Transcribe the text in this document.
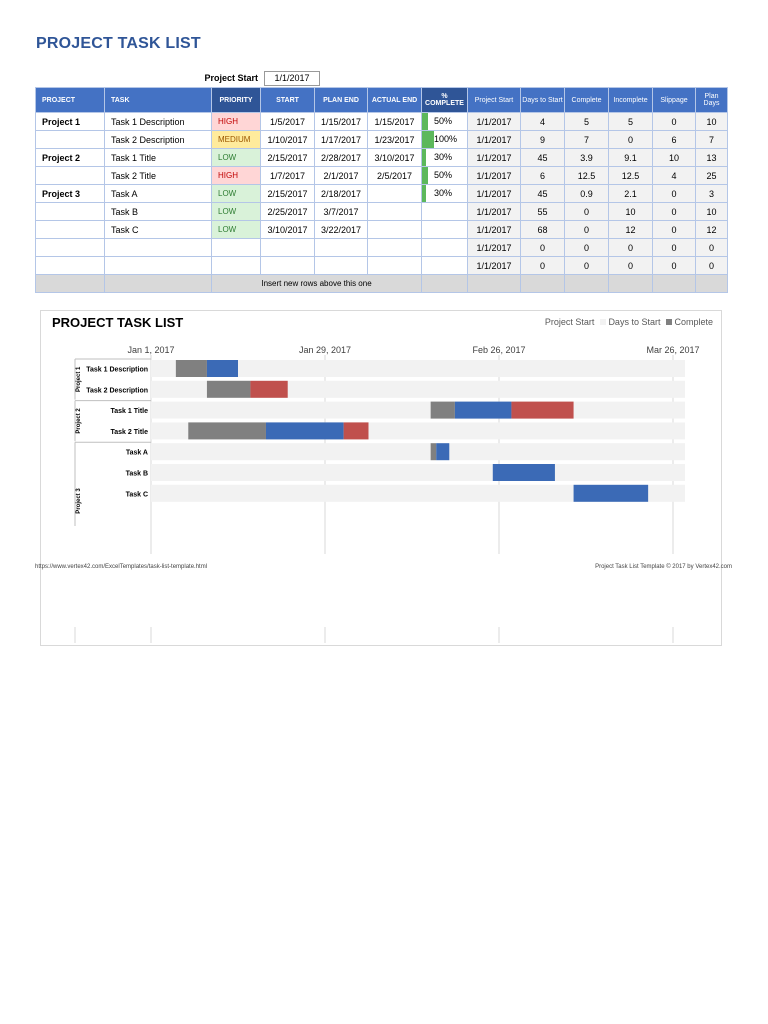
PROJECT TASK LIST
Project Start	1/1/2017
PROJECT	TASK	PRIORITY	START	PLAN END	ACTUAL END	% COMPLETE	Project Start	Days to Start	Complete	Incomplete	Slippage	Plan Days
Project 1	Task 1 Description	HIGH	1/5/2017	1/15/2017	1/15/2017	50%	1/1/2017	4	5	5	0	10
	Task 2 Description	MEDIUM	1/10/2017	1/17/2017	1/23/2017	100%	1/1/2017	9	7	0	6	7
Project 2	Task 1 Title	LOW	2/15/2017	2/28/2017	3/10/2017	30%	1/1/2017	45	3.9	9.1	10	13
	Task 2 Title	HIGH	1/7/2017	2/1/2017	2/5/2017	50%	1/1/2017	6	12.5	12.5	4	25
Project 3	Task A	LOW	2/15/2017	2/18/2017		30%	1/1/2017	45	0.9	2.1	0	3
	Task B	LOW	2/25/2017	3/7/2017			1/1/2017	55	0	10	0	10
	Task C	LOW	3/10/2017	3/22/2017			1/1/2017	68	0	12	0	12
							1/1/2017	0	0	0	0	0
							1/1/2017	0	0	0	0	0
		Insert new rows above this one										
Jan 1, 2017	Jan 29, 2017	Feb 26, 2017	Mar 26, 2017
Task 1 Description
Task 2 Description
Project 1
Task 1 Title
Task 2 Title
Project 2
Task A
Task B
Task C
Project 3
PROJECT TASK LIST	Project Start Days to Start Complete
https://www.vertex42.com/ExcelTemplates/task-list-template.html	Project Task List Template © 2017 by Vertex42.com
